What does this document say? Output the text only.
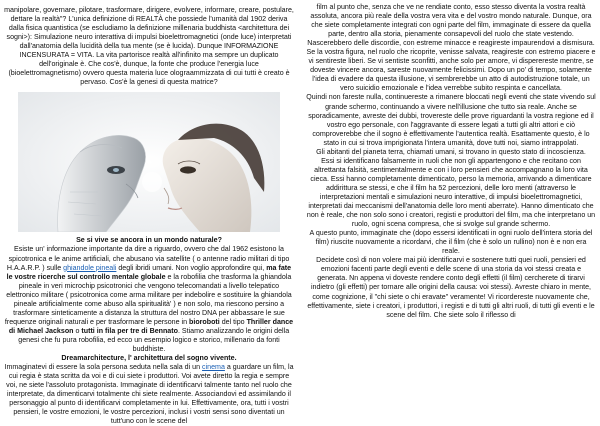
manipolare, governare, pilotare, trasformare, dirigere, evolvere, informare, creare, postulare, dettare la realtà"? L'unica definizione di REALTÀ che possiede l'umanità dal 1902 deriva dalla fisica quantistica (se escludiamo la definizione millenaria buddhista <architettura dei sogni>): Simulazione neuro interattiva di impulsi bioelettromagnetici (onde luce) interpretati dall'anatomia della lucidità della tua mente (se è lucida). Dunque INFORMAZIONE INCENSURATA = VITA. La vita partorisce realtà all'infinito ma sempre un duplicato dell'originale è. Che cos'è, dunque, la fonte che produce l'energia luce (bioelettromagnetismo) ovvero questa materia luce olograammizzata di cui tutti è creato è pervaso. Cos'è la genesi di questa matrice?

Se si vive se ancora in un mondo naturale?

Esiste un' informazione importante da dire a riguardo, ovvero che dal 1962 esistono la spicotronica e le anime artificiali, che abusano via satellite ( o antenne radio militari di tipo H.A.A.R.P. ) sulle ghiandole pineali degli ibridi umani. Non voglio approfondire qui, ma fate le vostre ricerche sul controllo mentale globale e la robofilia che trasforma la ghiandola pineale in veri microchip psicotronici che vengono telecomandati a livello telepatico elettronico militare ( psicotronica come arma militare per indebolire e sostituire la ghiandola pineale artificialmente come abuso alla spiritualità' ) e non solo, ma riescono persino a trasformare sinteticamente a distanza la struttura del nostro DNA per abbassare le sue frequenze originali naturali e per trasformare le persone in bioroboti del tipo Thriller dance di Michael Jackson o tutti in fila per tre di Bennato. Stiamo analizzando le origini della genesi che fu pura robofilia, ed ecco un esempio logico e storico, millenario da fonti buddhiste.

Dreamarchitecture, l' architettura del sogno vivente.

Immaginatevi di essere la sola persona seduta nella sala di un cinema a guardare un film, la cui regia è stata scritta da voi e di cui siete i produttori. Voi avete diretto la regia e sempre voi, ne siete l'assoluto protagonista. Immaginate di identificarvi talmente tanto nel ruolo che interpretate, da dimenticarvi totalmente chi siete realmente. Associandovi ed assimilando il personaggio al punto di identificarvi completamente in lui. Effettivamente, ora, tutti i vostri pensieri, le vostre emozioni, le vostre percezioni, inclusi i vostri sensi sono diventati un tutt'uno con le scene del

film al punto che, senza che ve ne rendiate conto, esso stesso diventa la vostra realtà assoluta, ancora più reale della vostra vera vita e del vostro mondo naturale. Dunque, ora che siete completamente integrati con ogni parte del film, immaginate di essere da quella parte, dentro alla storia, pienamente consapevoli del ruolo che state vestendo.

Nascerebbero delle discordie, con estreme minacce e reagireste impaurendovi a dismisura. Se la vostra figura, nel ruolo che ricoprite, venisse salvata, reagireste con estremo piacere e vi sentireste liberi. Se vi sentiste sconfitti, anche solo per amore, vi disperereste mentre, se doveste vincere ancora, sareste nuovamente felicissimi. Dopo un po' di tempo, solamente l'idea di evadere da questa illusione, vi sembrerebbe un atto di autodistruzione totale, un vero suicidio emozionale e l'idea verrebbe subito respinta e cancellata.

Quindi non fareste nulla, continuereste a rimanere bloccati negli eventi che state vivendo sul grande schermo, continuando a vivere nell'illusione che tutto sia reale. Anche se sporadicamente, avreste dei dubbi, trovereste delle prove riguardanti la vostra regione ed il vostro ego personale, con l'aggravante di essere legati a tutti gli altri attori e ciò comproverebbe che il sogno è effettivamente l'autentica realtà. Esattamente questo, è lo stato in cui si trova imprigionata l'intera umanità, dove tutti noi, siamo intrappolati.

Gli abitanti del pianeta terra, chiamati umani, si trovano in questo stato di incoscienza.

Essi si identificano falsamente in ruoli che non gli appartengono e che recitano con altrettanta falsità, sentimentalmente e con i loro pensieri che accompagnano la loro vita cieca. Essi hanno completamente dimenticato, perso la memoria, arrivando a dimenticare addirittura se stessi, e che il film ha 52 percezioni, delle loro menti (attraverso le interpretazioni mentali e simulazioni neuro interattive, di impulsi bioelettromagnetici, interpretati dai meccanismi dell'anatomia delle loro menti aberrate). Hanno dimenticato che non è reale, che non solo sono i creatori, registi e produttori del film, ma che interpretano un ruolo, ogni scena compresa, che si svolge sul grande schermo.

A questo punto, immaginate che (dopo essersi identificati in ogni ruolo dell'intera storia del film) riuscite nuovamente a ricordarvi, che il film (che è solo un rullino) non è e non era reale.

Decidete così di non volere mai più identificarvi e sostenere tutti quei ruoli, pensieri ed emozioni facenti parte degli eventi e delle scene di una storia da voi stessi creata e generata. Nn appena vi doveste rendere conto degli effetti (il film) cercherete di tirarvi indietro (gli effetti) per tornare alle origini della causa: voi stessi). Avreste chiaro in mente, come cognizione, il "chi siete o chi eravate" veramente! Vi ricordereste nuovamente che, effettivamente, siete i creatori, i produttori, i registi e di tutti gli altri ruoli, di tutti gli eventi e le scene del film. Che siete solo il riflesso di
